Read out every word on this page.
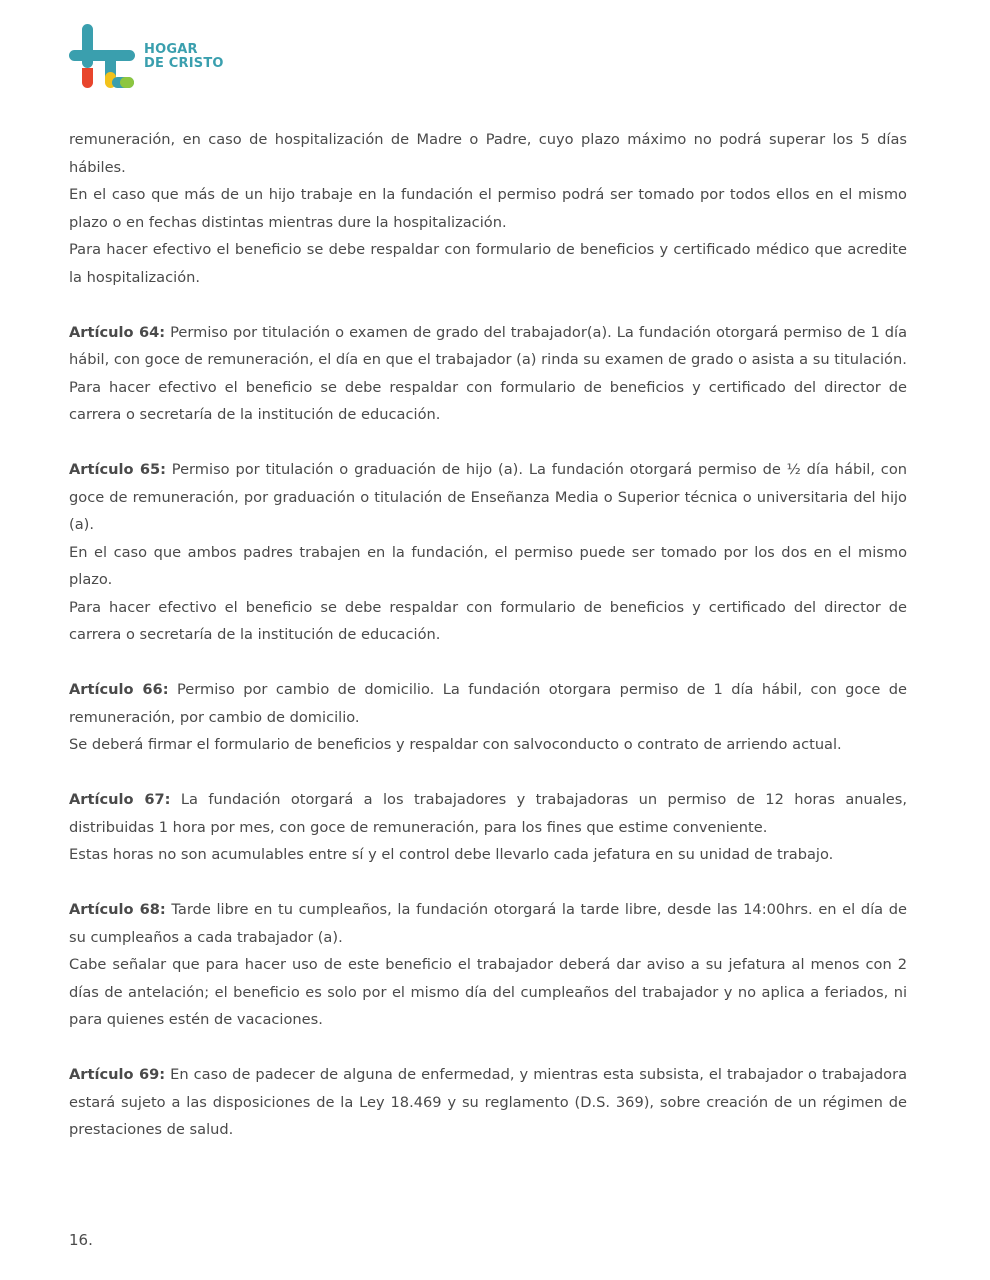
HOGAR
DE CRISTO

remuneración, en caso de hospitalización de Madre o Padre, cuyo plazo máximo no podrá superar los 5 días hábiles.

En el caso que más de un hijo trabaje en la fundación el permiso podrá ser tomado por todos ellos en el mismo plazo o en fechas distintas mientras dure la hospitalización.

Para hacer efectivo el beneficio se debe respaldar con formulario de beneficios y certificado médico que acredite la hospitalización.

Artículo 64: Permiso por titulación o examen de grado del trabajador(a). La fundación otorgará permiso de 1 día hábil, con goce de remuneración, el día en que el trabajador (a) rinda su examen de grado o asista a su titulación.

Para hacer efectivo el beneficio se debe respaldar con formulario de beneficios y certificado del director de carrera o secretaría de la institución de educación.

Artículo 65: Permiso por titulación o graduación de hijo (a). La fundación otorgará permiso de ½ día hábil, con goce de remuneración, por graduación o titulación de Enseñanza Media o Superior técnica o universitaria del hijo (a).

En el caso que ambos padres trabajen en la fundación, el permiso puede ser tomado por los dos en el mismo plazo.

Para hacer efectivo el beneficio se debe respaldar con formulario de beneficios y certificado del director de carrera o secretaría de la institución de educación.

Artículo 66: Permiso por cambio de domicilio. La fundación otorgara permiso de 1 día hábil, con goce de remuneración, por cambio de domicilio.

Se deberá firmar el formulario de beneficios y respaldar con salvoconducto o contrato de arriendo actual.

Artículo 67: La fundación otorgará a los trabajadores y trabajadoras un permiso de 12 horas anuales, distribuidas 1 hora por mes, con goce de remuneración, para los fines que estime conveniente.

Estas horas no son acumulables entre sí y el control debe llevarlo cada jefatura en su unidad de trabajo.

Artículo 68: Tarde libre en tu cumpleaños, la fundación otorgará la tarde libre, desde las 14:00hrs. en el día de su cumpleaños a cada trabajador (a).

Cabe señalar que para hacer uso de este beneficio el trabajador deberá dar aviso a su jefatura al menos con 2 días de antelación; el beneficio es solo por el mismo día del cumpleaños del trabajador y no aplica a feriados, ni para quienes estén de vacaciones.

Artículo 69: En caso de padecer de alguna de enfermedad, y mientras esta subsista, el trabajador o trabajadora estará sujeto a las disposiciones de la Ley 18.469 y su reglamento (D.S. 369), sobre creación de un régimen de prestaciones de salud.

16.
